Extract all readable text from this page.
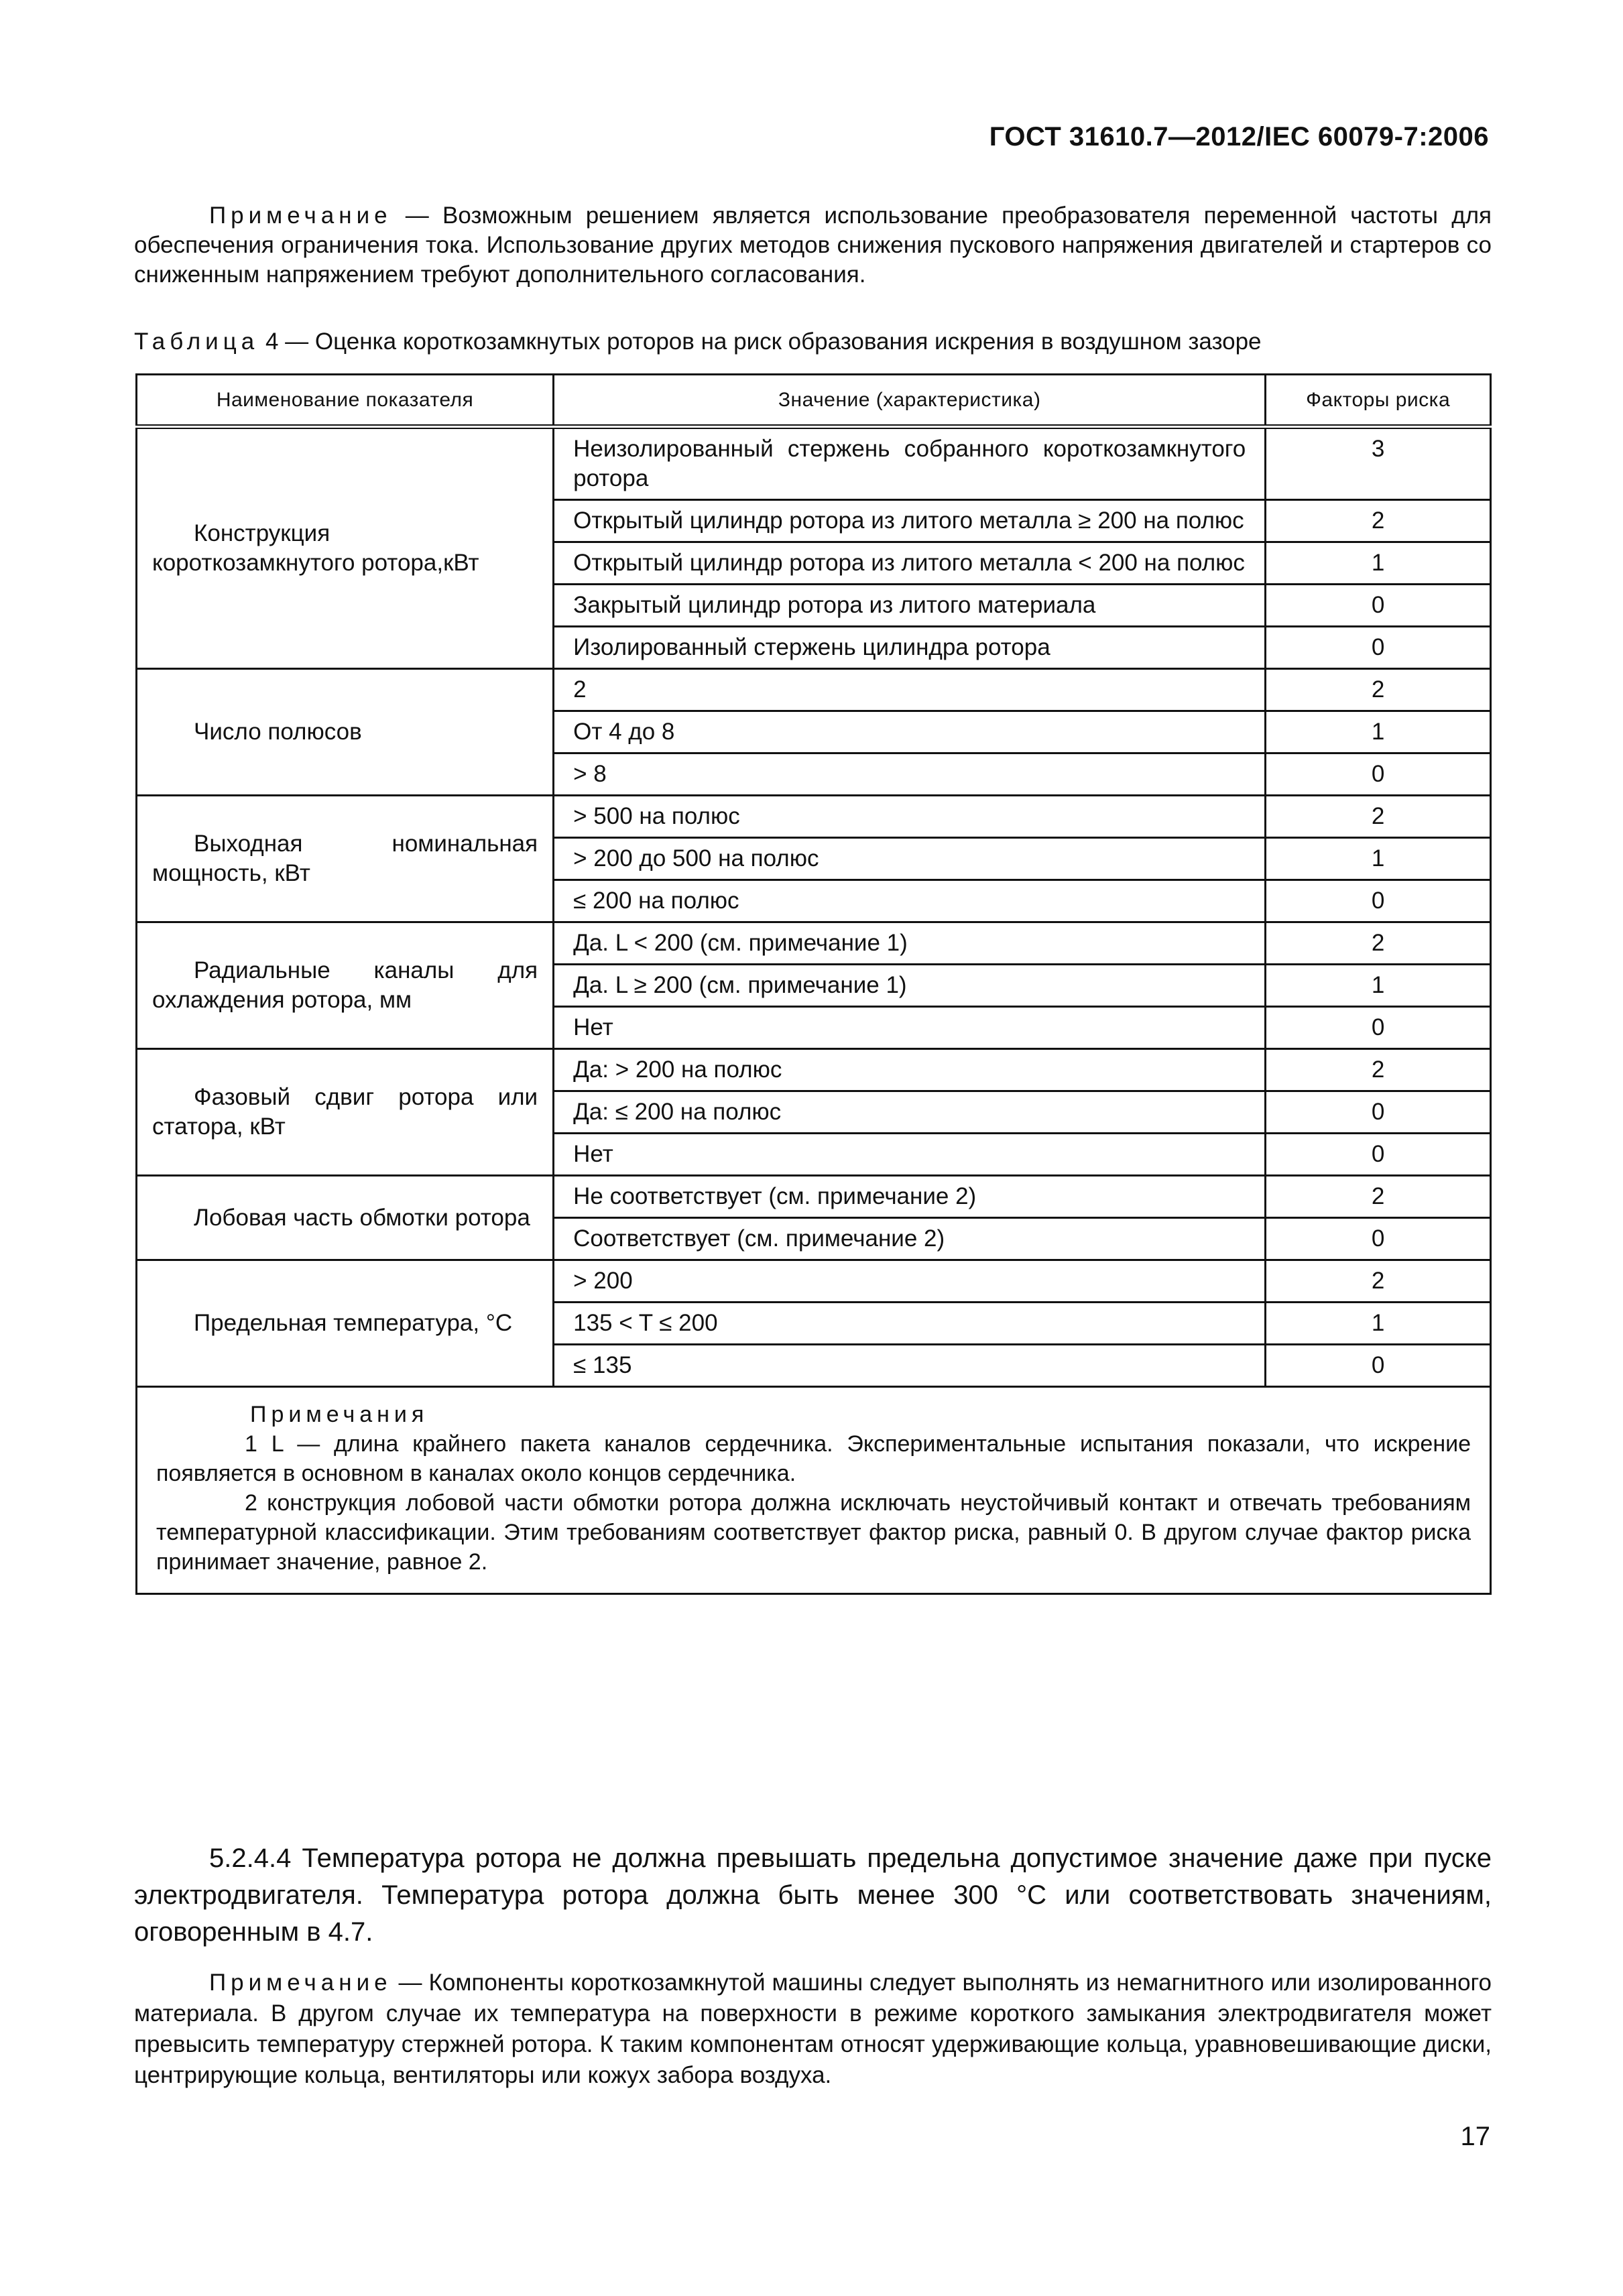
ГОСТ 31610.7—2012/IEC 60079-7:2006
Примечание — Возможным решением является использование преобразователя переменной частоты для обеспечения ограничения тока. Использование других методов снижения пускового напряжения двигателей и стартеров со сниженным напряжением требуют дополнительного согласования.
Таблица 4 — Оценка короткозамкнутых роторов на риск образования искрения в воздушном зазоре
Наименование показателя	Значение (характеристика)	Факторы риска

Конструкция короткозамкнутого ротора,кВт	Неизолированный стержень собранного короткозамкнутого ротора	3
	Открытый цилиндр ротора из литого металла ≥ 200 на полюс	2
	Открытый цилиндр ротора из литого металла < 200 на полюс	1
	Закрытый цилиндр ротора из литого материала	0
	Изолированный стержень цилиндра ротора	0

Число полюсов	2	2
	От 4 до 8	1
	> 8	0

Выходная номинальная мощность, кВт	> 500 на полюс	2
	> 200 до 500 на полюс	1
	≤ 200 на полюс	0

Радиальные каналы для охлаждения ротора, мм	Да. L < 200 (см. примечание 1)	2
	Да. L ≥ 200 (см. примечание 1)	1
	Нет	0

Фазовый сдвиг ротора или статора, кВт	Да: > 200 на полюс	2
	Да: ≤ 200 на полюс	0
	Нет	0

Лобовая часть обмотки ротора	Не соответствует (см. примечание 2)	2
	Соответствует (см. примечание 2)	0

Предельная температура, °С	> 200	2
	135 < T ≤ 200	1
	≤ 135	0

Примечания
1 L — длина крайнего пакета каналов сердечника. Экспериментальные испытания показали, что искрение появляется в основном в каналах около концов сердечника.
2 конструкция лобовой части обмотки ротора должна исключать неустойчивый контакт и отвечать требованиям температурной классификации. Этим требованиям соответствует фактор риска, равный 0. В другом случае фактор риска принимает значение, равное 2.		
5.2.4.4 Температура ротора не должна превышать предельна допустимое значение даже при пуске электродвигателя. Температура ротора должна быть менее 300 °С или соответствовать значениям, оговоренным в 4.7.
Примечание — Компоненты короткозамкнутой машины следует выполнять из немагнитного или изолированного материала. В другом случае их температура на поверхности в режиме короткого замыкания электродвигателя может превысить температуру стержней ротора. К таким компонентам относят удерживающие кольца, уравновешивающие диски, центрирующие кольца, вентиляторы или кожух забора воздуха.
17
